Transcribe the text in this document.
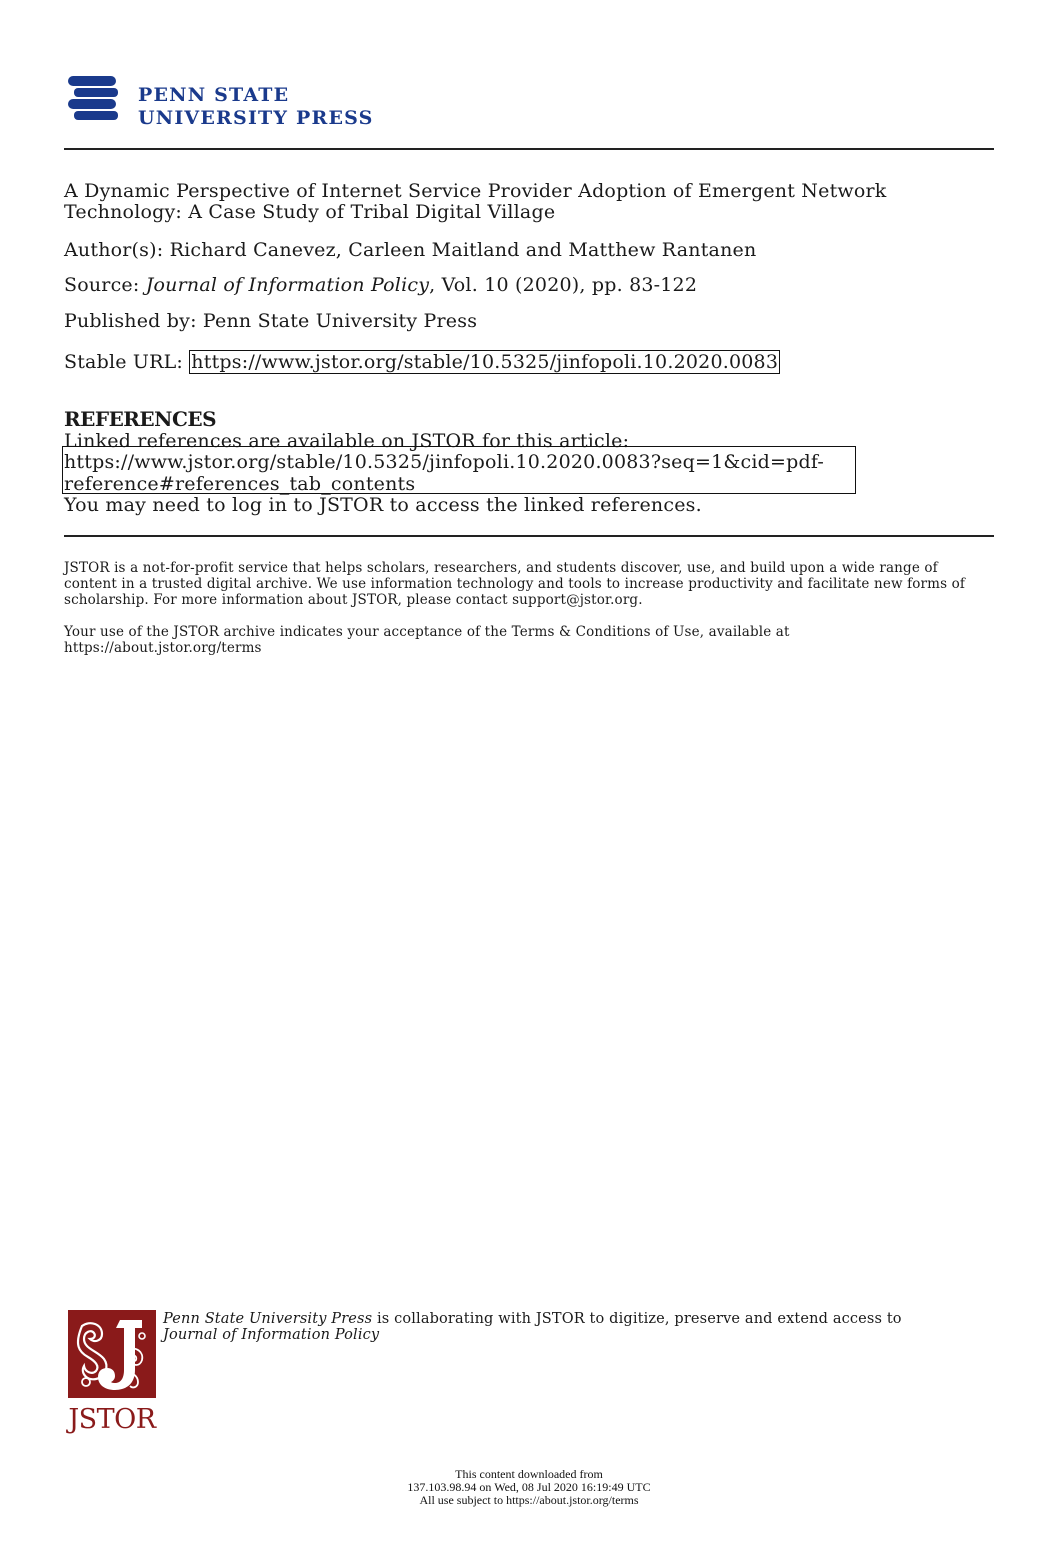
PENN STATE
UNIVERSITY PRESS
A Dynamic Perspective of Internet Service Provider Adoption of Emergent Network Technology: A Case Study of Tribal Digital Village
Author(s): Richard Canevez, Carleen Maitland and Matthew Rantanen
Source: Journal of Information Policy, Vol. 10 (2020), pp. 83-122
Published by: Penn State University Press
Stable URL: https://www.jstor.org/stable/10.5325/jinfopoli.10.2020.0083
REFERENCES
Linked references are available on JSTOR for this article:
https://www.jstor.org/stable/10.5325/jinfopoli.10.2020.0083?seq=1&cid=pdf-
reference#references_tab_contents
You may need to log in to JSTOR to access the linked references.
JSTOR is a not-for-profit service that helps scholars, researchers, and students discover, use, and build upon a wide range of content in a trusted digital archive. We use information technology and tools to increase productivity and facilitate new forms of scholarship. For more information about JSTOR, please contact support@jstor.org.
Your use of the JSTOR archive indicates your acceptance of the Terms & Conditions of Use, available at https://about.jstor.org/terms
JSTOR
Penn State University Press is collaborating with JSTOR to digitize, preserve and extend access to Journal of Information Policy
This content downloaded from
137.103.98.94 on Wed, 08 Jul 2020 16:19:49 UTC
All use subject to https://about.jstor.org/terms
